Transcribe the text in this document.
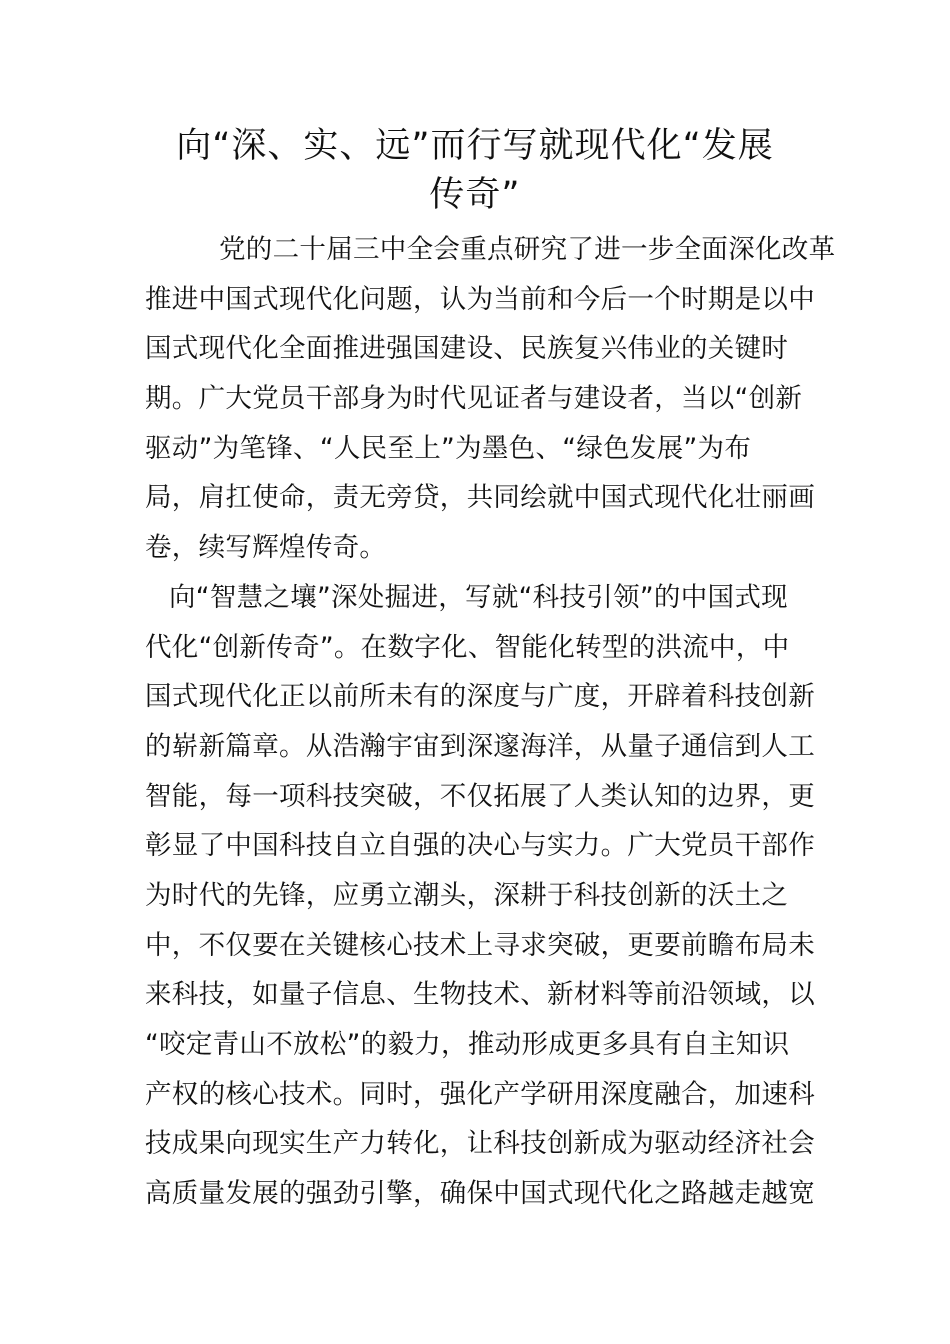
向“深、实、远”而行写就现代化“发展
传奇”
党的二十届三中全会重点研究了进一步全面深化改革
推进中国式现代化问题，认为当前和今后一个时期是以中
国式现代化全面推进强国建设、民族复兴伟业的关键时
期。广大党员干部身为时代见证者与建设者，当以“创新
驱动”为笔锋、“人民至上”为墨色、“绿色发展”为布
局，肩扛使命，责无旁贷，共同绘就中国式现代化壮丽画
卷，续写辉煌传奇。
向“智慧之壤”深处掘进，写就“科技引领”的中国式现
代化“创新传奇”。在数字化、智能化转型的洪流中，中
国式现代化正以前所未有的深度与广度，开辟着科技创新
的崭新篇章。从浩瀚宇宙到深邃海洋，从量子通信到人工
智能，每一项科技突破，不仅拓展了人类认知的边界，更
彰显了中国科技自立自强的决心与实力。广大党员干部作
为时代的先锋，应勇立潮头，深耕于科技创新的沃土之
中，不仅要在关键核心技术上寻求突破，更要前瞻布局未
来科技，如量子信息、生物技术、新材料等前沿领域，以
“咬定青山不放松”的毅力，推动形成更多具有自主知识
产权的核心技术。同时，强化产学研用深度融合，加速科
技成果向现实生产力转化，让科技创新成为驱动经济社会
高质量发展的强劲引擎，确保中国式现代化之路越走越宽
